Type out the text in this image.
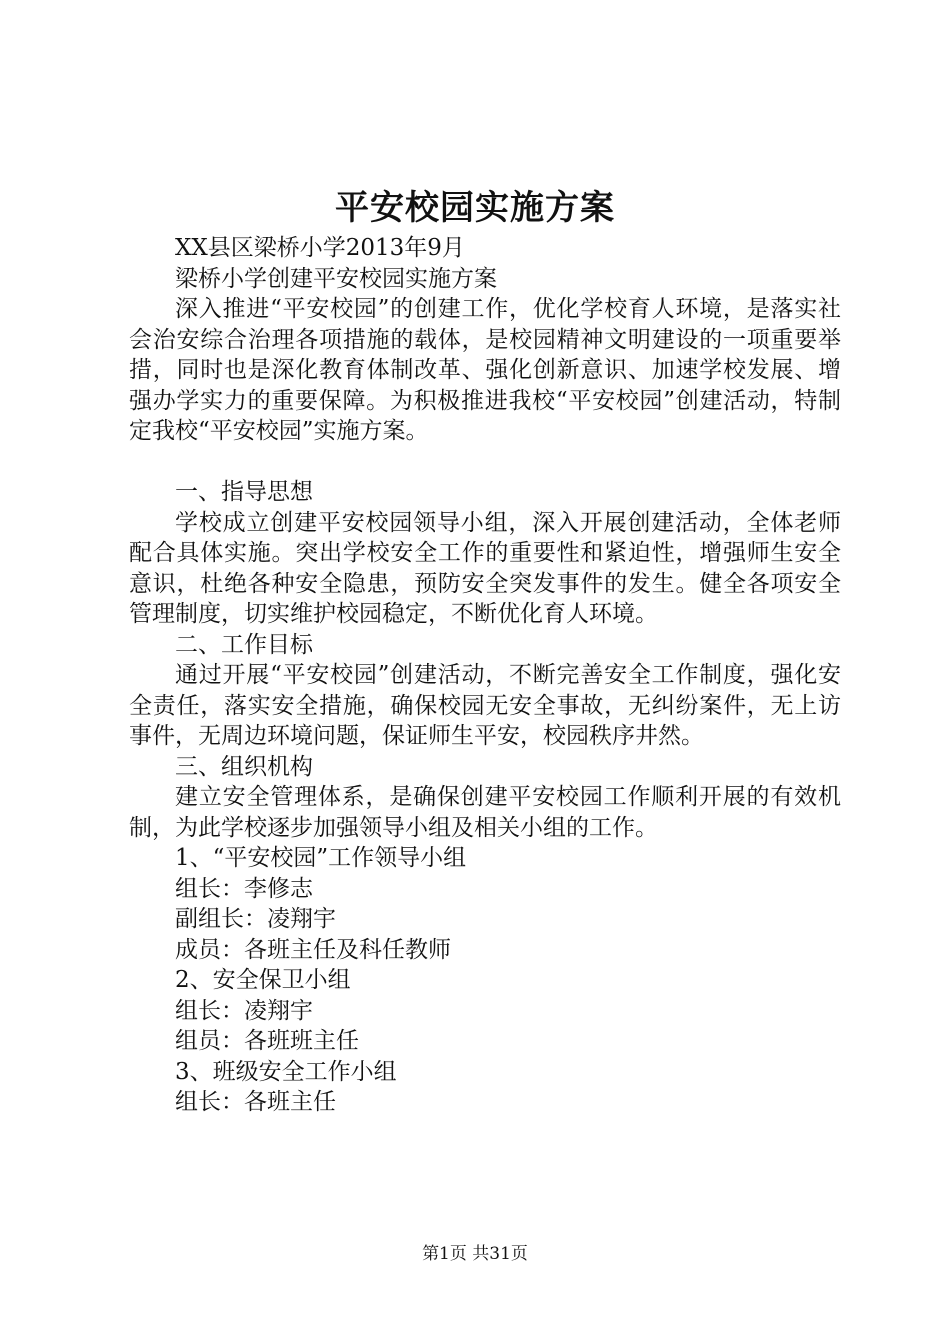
平安校园实施方案
XX县区梁桥小学2013年9月
梁桥小学创建平安校园实施方案

深入推进“平安校园”的创建工作，优化学校育人环境，是落实社会治安综合治理各项措施的载体，是校园精神文明建设的一项重要举措，同时也是深化教育体制改革、强化创新意识、加速学校发展、增强办学实力的重要保障。为积极推进我校“平安校园”创建活动，特制定我校“平安校园”实施方案。

一、指导思想

学校成立创建平安校园领导小组，深入开展创建活动，全体老师配合具体实施。突出学校安全工作的重要性和紧迫性，增强师生安全意识，杜绝各种安全隐患，预防安全突发事件的发生。健全各项安全管理制度，切实维护校园稳定，不断优化育人环境。

二、工作目标

通过开展“平安校园”创建活动，不断完善安全工作制度，强化安全责任，落实安全措施，确保校园无安全事故，无纠纷案件，无上访事件，无周边环境问题，保证师生平安，校园秩序井然。

三、组织机构

建立安全管理体系，是确保创建平安校园工作顺利开展的有效机制，为此学校逐步加强领导小组及相关小组的工作。

1、“平安校园”工作领导小组
组长：李修志
副组长：凌翔宇
成员：各班主任及科任教师
2、安全保卫小组
组长：凌翔宇
组员：各班班主任
3、班级安全工作小组
组长：各班主任
第1页 共31页
